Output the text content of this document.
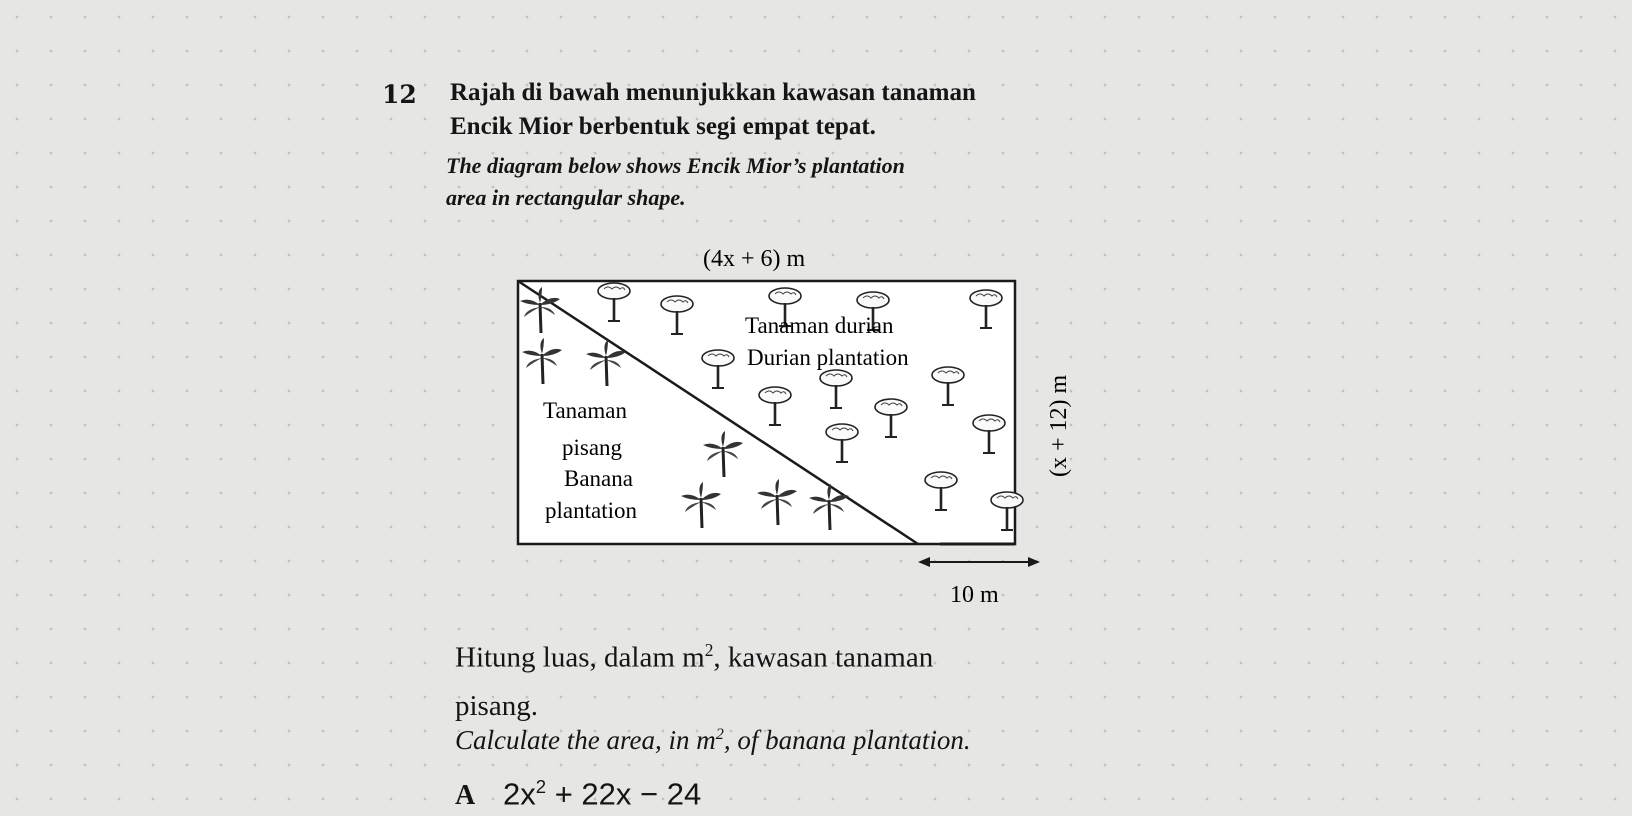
12 Rajah di bawah menunjukkan kawasan tanaman
Encik Mior berbentuk segi empat tepat.
The diagram below shows Encik Mior’s plantation
area in rectangular shape.
(4x + 6) m
Tanaman durian
Durian plantation
Tanaman
pisang
Banana
plantation
(x + 12) m
10 m
Hitung luas, dalam $m^2$, kawasan tanaman
pisang.
Calculate the area, in $m^2$, of banana plantation.
A $2x^2 + 22x - 24$
